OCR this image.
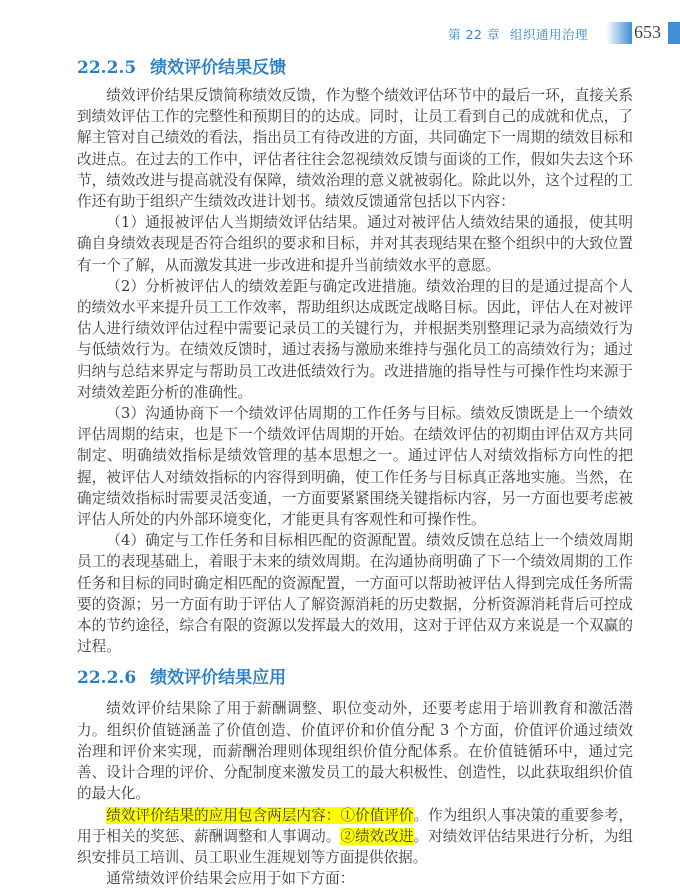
第 22 章 组织通用治理	653
22.2.5 绩效评价结果反馈

绩效评价结果反馈简称绩效反馈，作为整个绩效评估环节中的最后一环，直接关系到绩效评估工作的完整性和预期目的的达成。同时，让员工看到自己的成就和优点，了解主管对自己绩效的看法，指出员工有待改进的方面，共同确定下一周期的绩效目标和改进点。在过去的工作中，评估者往往会忽视绩效反馈与面谈的工作，假如失去这个环节，绩效改进与提高就没有保障，绩效治理的意义就被弱化。除此以外，这个过程的工作还有助于组织产生绩效改进计划书。绩效反馈通常包括以下内容：

（1）通报被评估人当期绩效评估结果。通过对被评估人绩效结果的通报，使其明确自身绩效表现是否符合组织的要求和目标，并对其表现结果在整个组织中的大致位置有一个了解，从而激发其进一步改进和提升当前绩效水平的意愿。

（2）分析被评估人的绩效差距与确定改进措施。绩效治理的目的是通过提高个人的绩效水平来提升员工工作效率，帮助组织达成既定战略目标。因此，评估人在对被评估人进行绩效评估过程中需要记录员工的关键行为，并根据类别整理记录为高绩效行为与低绩效行为。在绩效反馈时，通过表扬与激励来维持与强化员工的高绩效行为；通过归纳与总结来界定与帮助员工改进低绩效行为。改进措施的指导性与可操作性均来源于对绩效差距分析的准确性。

（3）沟通协商下一个绩效评估周期的工作任务与目标。绩效反馈既是上一个绩效评估周期的结束，也是下一个绩效评估周期的开始。在绩效评估的初期由评估双方共同制定、明确绩效指标是绩效管理的基本思想之一。通过评估人对绩效指标方向性的把握，被评估人对绩效指标的内容得到明确，使工作任务与目标真正落地实施。当然，在确定绩效指标时需要灵活变通，一方面要紧紧围绕关键指标内容，另一方面也要考虑被评估人所处的内外部环境变化，才能更具有客观性和可操作性。

（4）确定与工作任务和目标相匹配的资源配置。绩效反馈在总结上一个绩效周期员工的表现基础上，着眼于未来的绩效周期。在沟通协商明确了下一个绩效周期的工作任务和目标的同时确定相匹配的资源配置，一方面可以帮助被评估人得到完成任务所需要的资源；另一方面有助于评估人了解资源消耗的历史数据，分析资源消耗背后可控成本的节约途径，综合有限的资源以发挥最大的效用，这对于评估双方来说是一个双赢的过程。

22.2.6 绩效评价结果应用

绩效评价结果除了用于薪酬调整、职位变动外，还要考虑用于培训教育和激活潜力。组织价值链涵盖了价值创造、价值评价和价值分配 3 个方面，价值评价通过绩效治理和评价来实现，而薪酬治理则体现组织价值分配体系。在价值链循环中，通过完善、设计合理的评价、分配制度来激发员工的最大积极性、创造性，以此获取组织价值的最大化。

绩效评价结果的应用包含两层内容：①价值评价。作为组织人事决策的重要参考，用于相关的奖惩、薪酬调整和人事调动。②绩效改进。对绩效评估结果进行分析，为组织安排员工培训、员工职业生涯规划等方面提供依据。

通常绩效评价结果会应用于如下方面：
